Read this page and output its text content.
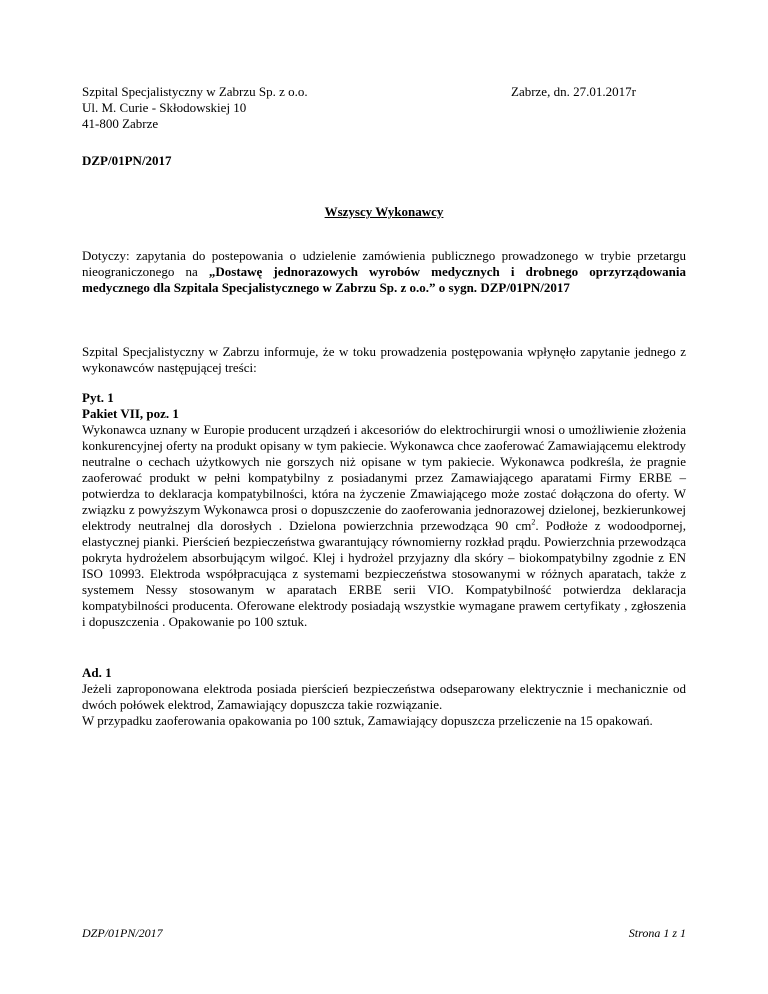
Szpital Specjalistyczny w Zabrzu Sp. z o.o.
Ul. M. Curie - Skłodowskiej 10
41-800 Zabrze
Zabrze, dn. 27.01.2017r
DZP/01PN/2017
Wszyscy Wykonawcy
Dotyczy: zapytania do postepowania o udzielenie zamówienia publicznego prowadzonego w trybie przetargu nieograniczonego na „Dostawę jednorazowych wyrobów medycznych i drobnego oprzyrządowania medycznego dla Szpitala Specjalistycznego w Zabrzu Sp. z o.o.” o sygn. DZP/01PN/2017
Szpital Specjalistyczny w Zabrzu informuje, że w toku prowadzenia postępowania wpłynęło zapytanie jednego z wykonawców następującej treści:
Pyt. 1
Pakiet VII, poz. 1
Wykonawca uznany w Europie producent urządzeń i akcesoriów do elektrochirurgii wnosi o umożliwienie złożenia konkurencyjnej oferty na produkt opisany w tym pakiecie. Wykonawca chce zaoferować Zamawiającemu elektrody neutralne o cechach użytkowych nie gorszych niż opisane w tym pakiecie. Wykonawca podkreśla, że pragnie zaoferować produkt w pełni kompatybilny z posiadanymi przez Zamawiającego aparatami Firmy ERBE – potwierdza to deklaracja kompatybilności, która na życzenie Zmawiającego może zostać dołączona do oferty. W związku z powyższym Wykonawca prosi o dopuszczenie do zaoferowania jednorazowej dzielonej, bezkierunkowej elektrody neutralnej dla dorosłych . Dzielona powierzchnia przewodząca 90 $cm^2$. Podłoże z wodoodpornej, elastycznej pianki. Pierścień bezpieczeństwa gwarantujący równomierny rozkład prądu. Powierzchnia przewodząca pokryta hydrożelem absorbującym wilgoć. Klej i hydrożel przyjazny dla skóry – biokompatybilny zgodnie z EN ISO 10993. Elektroda współpracująca z systemami bezpieczeństwa stosowanymi w różnych aparatach, także z systemem Nessy stosowanym w aparatach ERBE serii VIO. Kompatybilność potwierdza deklaracja kompatybilności producenta. Oferowane elektrody posiadają wszystkie wymagane prawem certyfikaty , zgłoszenia i dopuszczenia . Opakowanie po 100 sztuk.
Ad. 1
Jeżeli zaproponowana elektroda posiada pierścień bezpieczeństwa odseparowany elektrycznie i mechanicznie od dwóch połówek elektrod, Zamawiający dopuszcza takie rozwiązanie.
W przypadku zaoferowania opakowania po 100 sztuk, Zamawiający dopuszcza przeliczenie na 15 opakowań.
DZP/01PN/2017	Strona 1 z 1
